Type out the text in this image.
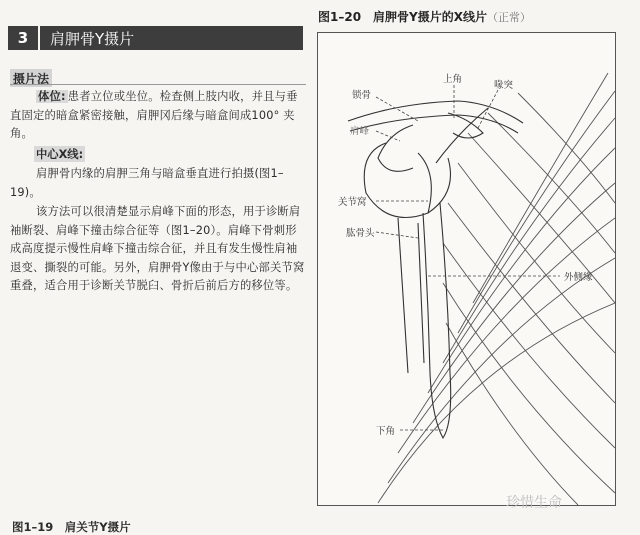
3	肩胛骨Y摄片
摄片法
体位: 患者立位或坐位。检查侧上肢内收，并且与垂直固定的暗盒紧密接触，肩胛冈后缘与暗盒间成100° 夹角。
中心X线:
肩胛骨内缘的肩胛三角与暗盒垂直进行拍摄(图1–19)。
该方法可以很清楚显示肩峰下面的形态，用于诊断肩袖断裂、肩峰下撞击综合征等（图1–20）。肩峰下骨刺形成高度提示慢性肩峰下撞击综合征，并且有发生慢性肩袖退变、撕裂的可能。另外，肩胛骨Y像由于与中心部关节窝重叠，适合用于诊断关节脱臼、骨折后前后方的移位等。
图1–20　肩胛骨Y摄片的X线片（正常）
上角
喙突
锁骨
肩峰
关节窝
肱骨头
外侧缘
下角
珍惜生命
图1–19　肩关节Y摄片
